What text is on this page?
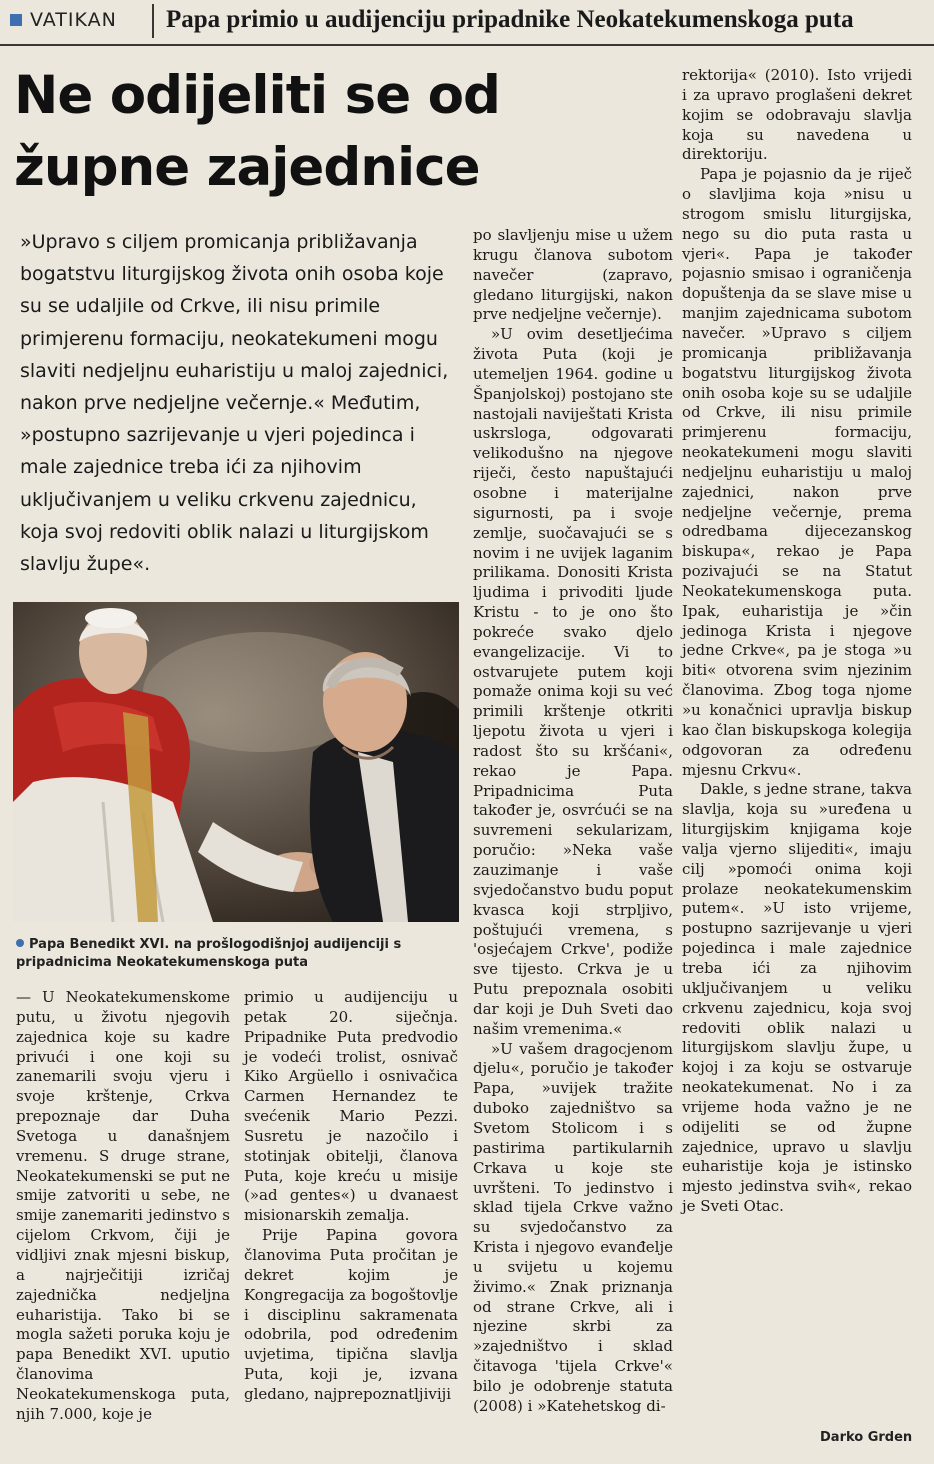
VATIKAN Papa primio u audijenciju pripadnike Neokatekumenskoga puta
Ne odijeliti se od
župne zajednice

»Upravo s ciljem promicanja približavanja bogatstvu liturgijskog života onih osoba koje su se udaljile od Crkve, ili nisu primile primjerenu formaciju, neokatekumeni mogu slaviti nedjeljnu euharistiju u maloj zajednici, nakon prve nedjeljne večernje.« Međutim, »postupno sazrijevanje u vjeri pojedinca i male zajednice treba ići za njihovim uključivanjem u veliku crkvenu zajednicu, koja svoj redoviti oblik nalazi u liturgijskom slavlju župe«.

Papa Benedikt XVI. na prošlogodišnjoj audijenciji s pripadnicima Neokatekumenskoga puta

po slavljenju mise u užem krugu članova subotom navečer (zapravo, gledano liturgijski, nakon prve nedjeljne večernje).

»U ovim desetljećima života Puta (koji je utemeljen 1964. godine u Španjolskoj) postojano ste nastojali naviještati Krista uskrsloga, odgovarati velikodušno na njegove riječi, često napuštajući osobne i materijalne sigurnosti, pa i svoje zemlje, suočavajući se s novim i ne uvijek laganim prilikama. Donositi Krista ljudima i privoditi ljude Kristu - to je ono što pokreće svako djelo evangelizacije. Vi to ostvarujete putem koji pomaže onima koji su već primili krštenje otkriti ljepotu života u vjeri i radost što su kršćani«, rekao je Papa. Pripadnicima Puta također je, osvrćući se na suvremeni sekularizam, poručio: »Neka vaše zauzimanje i vaše svjedočanstvo budu poput kvasca koji strpljivo, poštujući vremena, s 'osjećajem Crkve', podiže sve tijesto. Crkva je u Putu prepoznala osobiti dar koji je Duh Sveti dao našim vremenima.«

»U vašem dragocjenom djelu«, poručio je također Papa, »uvijek tražite duboko zajedništvo sa Svetom Stolicom i s pastirima partikularnih Crkava u koje ste uvršteni. To jedinstvo i sklad tijela Crkve važno su svjedočanstvo za Krista i njegovo evanđelje u svijetu u kojemu živimo.« Znak priznanja od strane Crkve, ali i njezine skrbi za »zajedništvo i sklad čitavoga 'tijela Crkve'« bilo je odobrenje statuta (2008) i »Katehetskog di-

— U Neokatekumenskome putu, u životu njegovih zajednica koje su kadre privući i one koji su zanemarili svoju vjeru i svoje krštenje, Crkva prepoznaje dar Duha Svetoga u današnjem vremenu. S druge strane, Neokatekumenski se put ne smije zatvoriti u sebe, ne smije zanemariti jedinstvo s cijelom Crkvom, čiji je vidljivi znak mjesni biskup, a najrječitiji izričaj zajednička nedjeljna euharistija. Tako bi se mogla sažeti poruka koju je papa Benedikt XVI. uputio članovima Neokatekumenskoga puta, njih 7.000, koje je

primio u audijenciju u petak 20. siječnja. Pripadnike Puta predvodio je vodeći trolist, osnivač Kiko Argüello i osnivačica Carmen Hernandez te svećenik Mario Pezzi. Susretu je nazočilo i stotinjak obitelji, članova Puta, koje kreću u misije (»ad gentes«) u dvanaest misionarskih zemalja.

Prije Papina govora članovima Puta pročitan je dekret kojim je Kongregacija za bogoštovlje i disciplinu sakramenata odobrila, pod određenim uvjetima, tipična slavlja Puta, koji je, izvana gledano, najprepoznatljiviji

rektorija« (2010). Isto vrijedi i za upravo proglašeni dekret kojim se odobravaju slavlja koja su navedena u direktoriju.

Papa je pojasnio da je riječ o slavljima koja »nisu u strogom smislu liturgijska, nego su dio puta rasta u vjeri«. Papa je također pojasnio smisao i ograničenja dopuštenja da se slave mise u manjim zajednicama subotom navečer. »Upravo s ciljem promicanja približavanja bogatstvu liturgijskog života onih osoba koje su se udaljile od Crkve, ili nisu primile primjerenu formaciju, neokatekumeni mogu slaviti nedjeljnu euharistiju u maloj zajednici, nakon prve nedjeljne večernje, prema odredbama dijecezanskog biskupa«, rekao je Papa pozivajući se na Statut Neokatekumenskoga puta. Ipak, euharistija je »čin jedinoga Krista i njegove jedne Crkve«, pa je stoga »u biti« otvorena svim njezinim članovima. Zbog toga njome »u konačnici upravlja biskup kao član biskupskoga kolegija odgovoran za određenu mjesnu Crkvu«.

Dakle, s jedne strane, takva slavlja, koja su »uređena u liturgijskim knjigama koje valja vjerno slijediti«, imaju cilj »pomoći onima koji prolaze neokatekumenskim putem«. »U isto vrijeme, postupno sazrijevanje u vjeri pojedinca i male zajednice treba ići za njihovim uključivanjem u veliku crkvenu zajednicu, koja svoj redoviti oblik nalazi u liturgijskom slavlju župe, u kojoj i za koju se ostvaruje neokatekumenat. No i za vrijeme hoda važno je ne odijeliti se od župne zajednice, upravo u slavlju euharistije koja je istinsko mjesto jedinstva svih«, rekao je Sveti Otac.

Darko Grden
